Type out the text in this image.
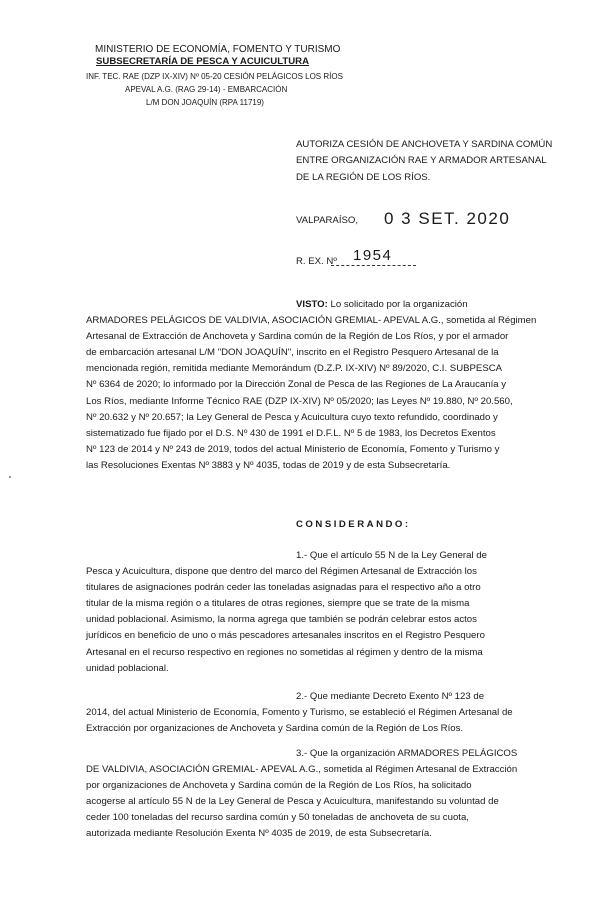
MINISTERIO DE ECONOMÍA, FOMENTO Y TURISMO
SUBSECRETARÍA DE PESCA Y ACUICULTURA
INF. TEC. RAE (DZP IX-XIV) Nº 05-20 CESIÓN PELÁGICOS LOS RÍOS
APEVAL A.G. (RAG 29-14) - EMBARCACIÓN
L/M DON JOAQUÍN (RPA 11719)
AUTORIZA CESIÓN DE ANCHOVETA Y SARDINA COMÚN
ENTRE ORGANIZACIÓN RAE Y ARMADOR ARTESANAL
DE LA REGIÓN DE LOS RÍOS.
VALPARAÍSO, 0 3 SET. 2020
R. EX. Nº 1954
VISTO: Lo solicitado por la organización
ARMADORES PELÁGICOS DE VALDIVIA, ASOCIACIÓN GREMIAL- APEVAL A.G., sometida al Régimen
Artesanal de Extracción de Anchoveta y Sardina común de la Región de Los Ríos, y por el armador
de embarcación artesanal L/M "DON JOAQUÍN", inscrito en el Registro Pesquero Artesanal de la
mencionada región, remitida mediante Memorándum (D.Z.P. IX-XIV) Nº 89/2020, C.I. SUBPESCA
Nº 6364 de 2020; lo informado por la Dirección Zonal de Pesca de las Regiones de La Araucanía y
Los Ríos, mediante Informe Técnico RAE (DZP IX-XIV) Nº 05/2020; las Leyes Nº 19.880, Nº 20.560,
Nº 20.632 y Nº 20.657; la Ley General de Pesca y Acuicultura cuyo texto refundido, coordinado y
sistematizado fue fijado por el D.S. Nº 430 de 1991 el D.F.L. Nº 5 de 1983, los Decretos Exentos
Nº 123 de 2014 y Nº 243 de 2019, todos del actual Ministerio de Economía, Fomento y Turismo y
las Resoluciones Exentas Nº 3883 y Nº 4035, todas de 2019 y de esta Subsecretaría.
CONSIDERANDO:
1.- Que el artículo 55 N de la Ley General de
Pesca y Acuicultura, dispone que dentro del marco del Régimen Artesanal de Extracción los
titulares de asignaciones podrán ceder las toneladas asignadas para el respectivo año a otro
titular de la misma región o a titulares de otras regiones, siempre que se trate de la misma
unidad poblacional. Asimismo, la norma agrega que también se podrán celebrar estos actos
jurídicos en beneficio de uno o más pescadores artesanales inscritos en el Registro Pesquero
Artesanal en el recurso respectivo en regiones no sometidas al régimen y dentro de la misma
unidad poblacional.
2.- Que mediante Decreto Exento Nº 123 de
2014, del actual Ministerio de Economía, Fomento y Turismo, se estableció el Régimen Artesanal de
Extracción por organizaciones de Anchoveta y Sardina común de la Región de Los Ríos.
3.- Que la organización ARMADORES PELÁGICOS
DE VALDIVIA, ASOCIACIÓN GREMIAL- APEVAL A.G., sometida al Régimen Artesanal de Extracción
por organizaciones de Anchoveta y Sardina común de la Región de Los Ríos, ha solicitado
acogerse al artículo 55 N de la Ley General de Pesca y Acuicultura, manifestando su voluntad de
ceder 100 toneladas del recurso sardina común y 50 toneladas de anchoveta de su cuota,
autorizada mediante Resolución Exenta Nº 4035 de 2019, de esta Subsecretaría.
